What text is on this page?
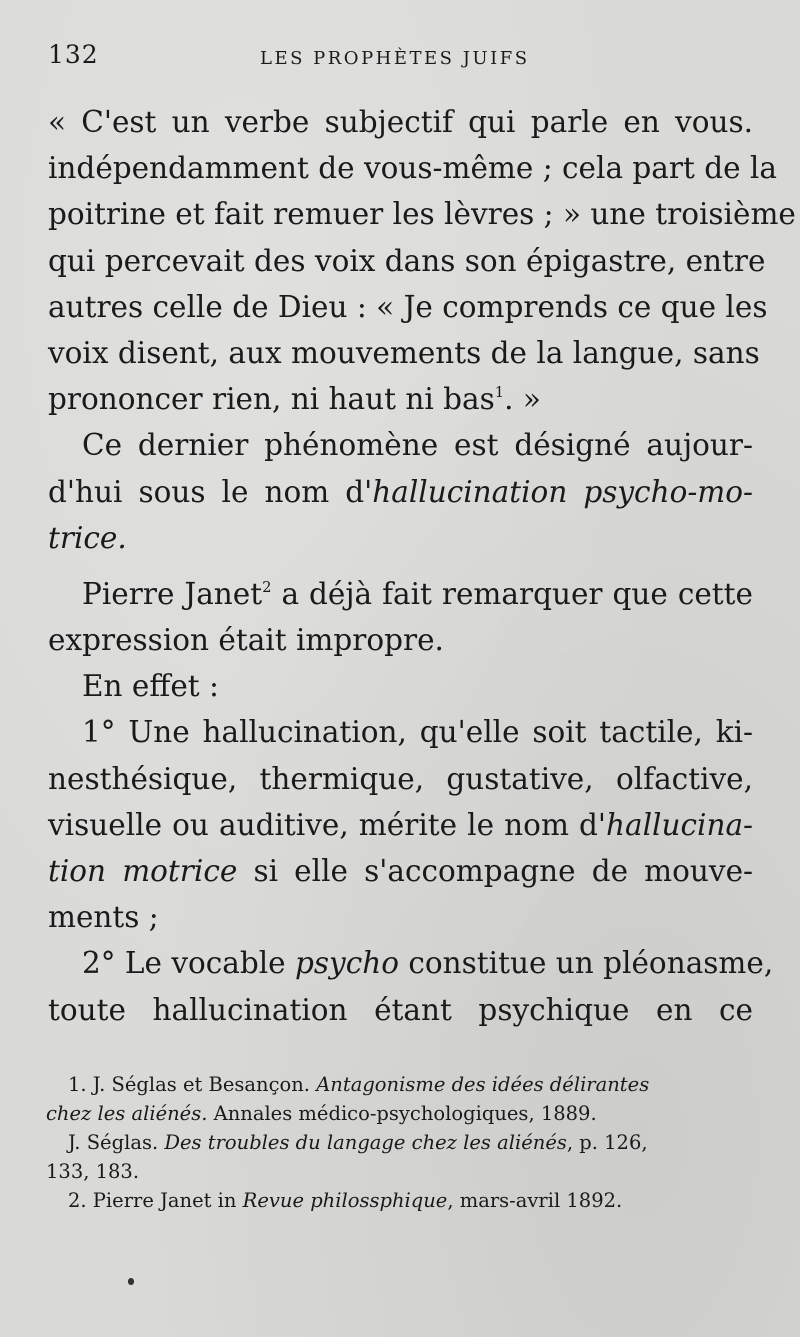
132	LES PROPHÈTES JUIFS
« C'est un verbe subjectif qui parle en vous.
indépendamment de vous-même ; cela part de la
poitrine et fait remuer les lèvres ; » une troisième
qui percevait des voix dans son épigastre, entre
autres celle de Dieu : « Je comprends ce que les
voix disent, aux mouvements de la langue, sans
prononcer rien, ni haut ni bas$^1$. »
Ce dernier phénomène est désigné aujour-
d'hui sous le nom d'hallucination psycho-mo-
trice.
Pierre Janet$^2$ a déjà fait remarquer que cette
expression était impropre.
En effet :
1° Une hallucination, qu'elle soit tactile, ki-
nesthésique, thermique, gustative, olfactive,
visuelle ou auditive, mérite le nom d'hallucina-
tion motrice si elle s'accompagne de mouve-
ments ;
2° Le vocable psycho constitue un pléonasme,
toute hallucination étant psychique en ce
1. J. Séglas et Besançon. Antagonisme des idées délirantes
chez les aliénés. Annales médico-psychologiques, 1889.
J. Séglas. Des troubles du langage chez les aliénés, p. 126,
133, 183.
2. Pierre Janet in Revue philossphique, mars-avril 1892.
